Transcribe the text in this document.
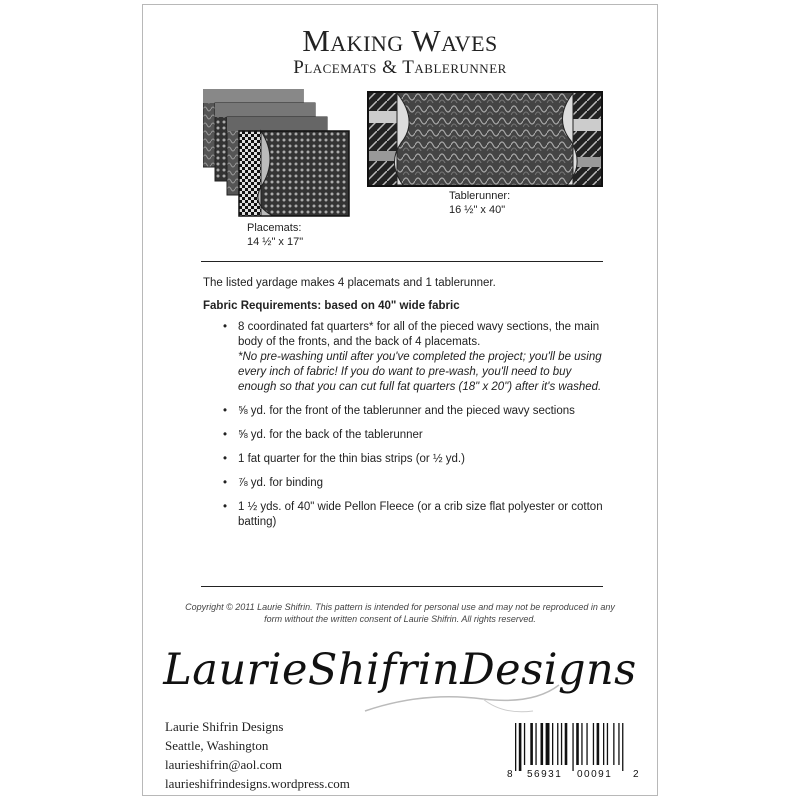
Making Waves
Placemats & Tablerunner
Placemats:
14 ½" x 17"
Tablerunner:
16 ½" x 40"
The listed yardage makes 4 placemats and 1 tablerunner.
Fabric Requirements: based on 40" wide fabric
• 8 coordinated fat quarters* for all of the pieced wavy sections, the main body of the fronts, and the back of 4 placemats.
*No pre-washing until after you've completed the project; you'll be using every inch of fabric! If you do want to pre-wash, you'll need to buy enough so that you can cut full fat quarters (18" x 20") after it's washed.
• ⅝ yd. for the front of the tablerunner and the pieced wavy sections
• ⅝ yd. for the back of the tablerunner
• 1 fat quarter for the thin bias strips (or ½ yd.)
• ⅞ yd. for binding
• 1 ½ yds. of 40" wide Pellon Fleece (or a crib size flat polyester or cotton batting)
Copyright © 2011 Laurie Shifrin. This pattern is intended for personal use and may not be reproduced in any form without the written consent of Laurie Shifrin. All rights reserved.
LaurieShifrinDesigns
Laurie Shifrin Designs
Seattle, Washington
laurieshifrin@aol.com
laurieshifrindesigns.wordpress.com
8 56931 00091 2
